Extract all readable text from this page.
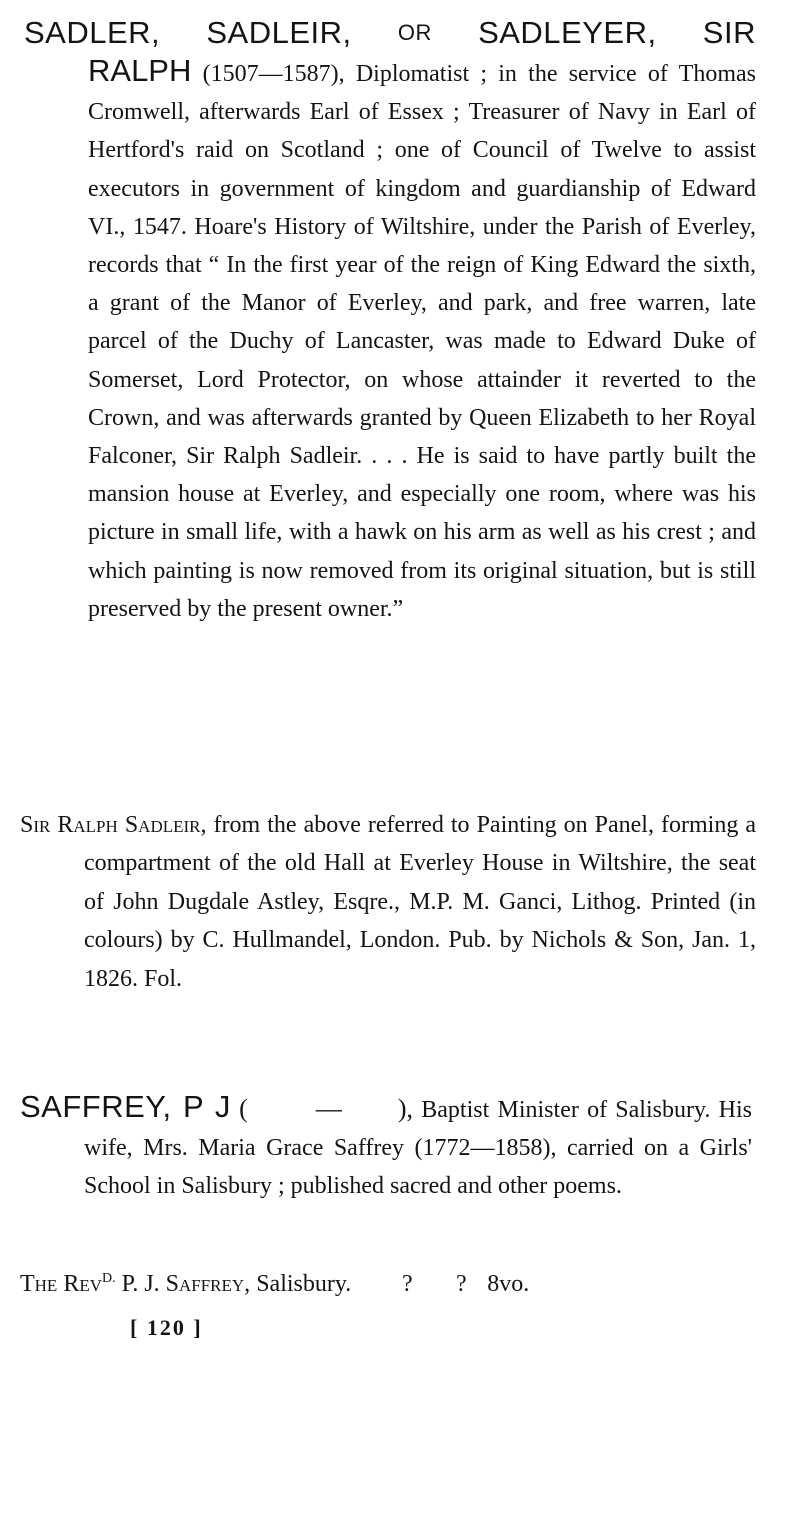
SADLER, SADLEIR, OR SADLEYER, SIR
RALPH (1507—1587), Diplomatist ; in the service of Thomas Cromwell, afterwards Earl of Essex ; Treasurer of Navy in Earl of Hertford's raid on Scotland ; one of Council of Twelve to assist executors in government of kingdom and guardianship of Edward VI., 1547. Hoare's History of Wiltshire, under the Parish of Everley, records that “ In the first year of the reign of King Edward the sixth, a grant of the Manor of Everley, and park, and free warren, late parcel of the Duchy of Lancaster, was made to Edward Duke of Somerset, Lord Protector, on whose attainder it reverted to the Crown, and was afterwards granted by Queen Elizabeth to her Royal Falconer, Sir Ralph Sadleir. . . . He is said to have partly built the mansion house at Everley, and especially one room, where was his picture in small life, with a hawk on his arm as well as his crest ; and which painting is now removed from its original situation, but is still preserved by the present owner.”
Sir Ralph Sadleir, from the above referred to Painting on Panel, forming a compartment of the old Hall at Everley House in Wiltshire, the seat of John Dugdale Astley, Esqre., M.P. M. Ganci, Lithog. Printed (in colours) by C. Hullmandel, London. Pub. by Nichols & Son, Jan. 1, 1826. Fol.
SAFFREY, P J (	— ), Baptist Minister of Salisbury. His wife, Mrs. Maria Grace Saffrey (1772—1858), carried on a Girls' School in Salisbury ; published sacred and other poems.
The Rev$^{D.}$ P. J. Saffrey, Salisbury. ? ? 8vo.
[ 120 ]
